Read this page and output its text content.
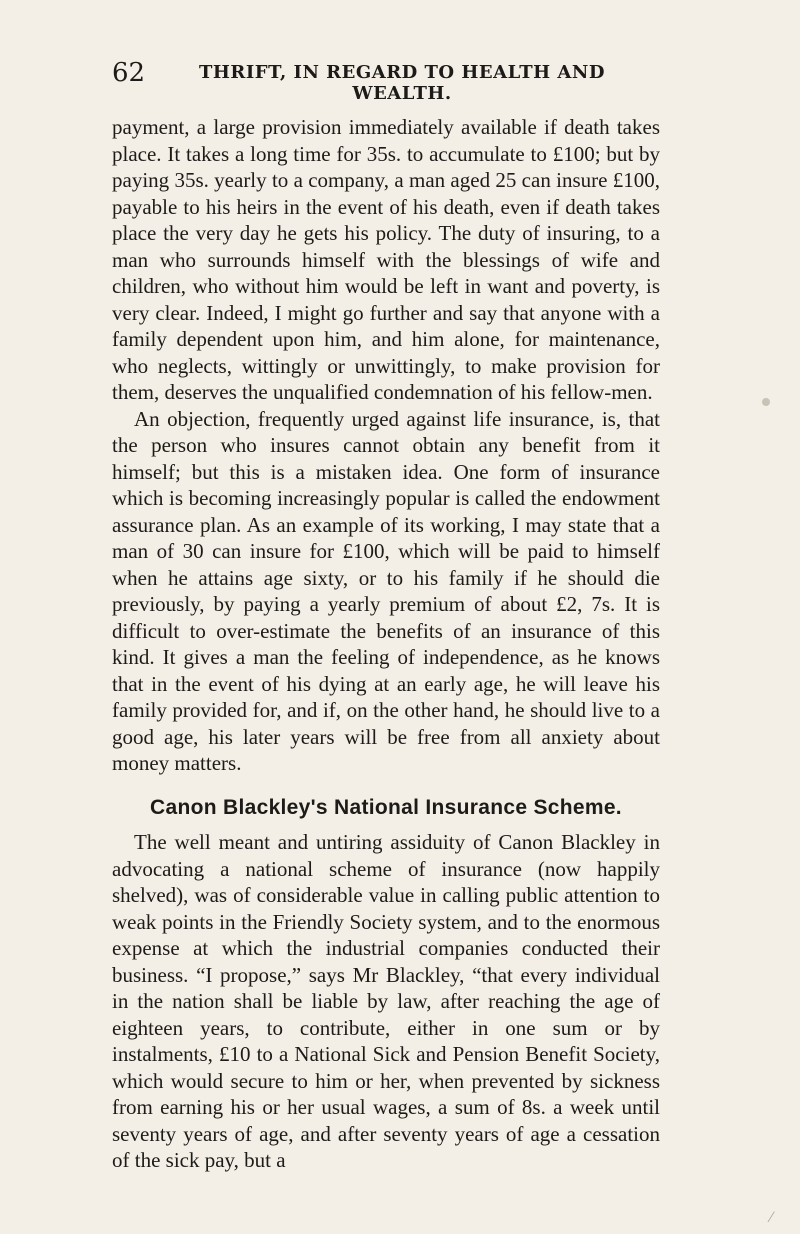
62	THRIFT, IN REGARD TO HEALTH AND WEALTH.

payment, a large provision immediately available if death takes place. It takes a long time for 35s. to accumulate to £100; but by paying 35s. yearly to a company, a man aged 25 can insure £100, payable to his heirs in the event of his death, even if death takes place the very day he gets his policy. The duty of insuring, to a man who surrounds himself with the blessings of wife and children, who without him would be left in want and poverty, is very clear. Indeed, I might go further and say that anyone with a family dependent upon him, and him alone, for maintenance, who neglects, wittingly or unwittingly, to make provision for them, deserves the unqualified condemnation of his fellow-men.

An objection, frequently urged against life insurance, is, that the person who insures cannot obtain any benefit from it himself; but this is a mistaken idea. One form of insurance which is becoming increasingly popular is called the endowment assurance plan. As an example of its working, I may state that a man of 30 can insure for £100, which will be paid to himself when he attains age sixty, or to his family if he should die previously, by paying a yearly premium of about £2, 7s. It is difficult to over-estimate the benefits of an insurance of this kind. It gives a man the feeling of independence, as he knows that in the event of his dying at an early age, he will leave his family provided for, and if, on the other hand, he should live to a good age, his later years will be free from all anxiety about money matters.

Canon Blackley's National Insurance Scheme.

The well meant and untiring assiduity of Canon Blackley in advocating a national scheme of insurance (now happily shelved), was of considerable value in calling public attention to weak points in the Friendly Society system, and to the enormous expense at which the industrial companies conducted their business. “I propose,” says Mr Blackley, “that every individual in the nation shall be liable by law, after reaching the age of eighteen years, to contribute, either in one sum or by instalments, £10 to a National Sick and Pension Benefit Society, which would secure to him or her, when prevented by sickness from earning his or her usual wages, a sum of 8s. a week until seventy years of age, and after seventy years of age a cessation of the sick pay, but a

⁄
